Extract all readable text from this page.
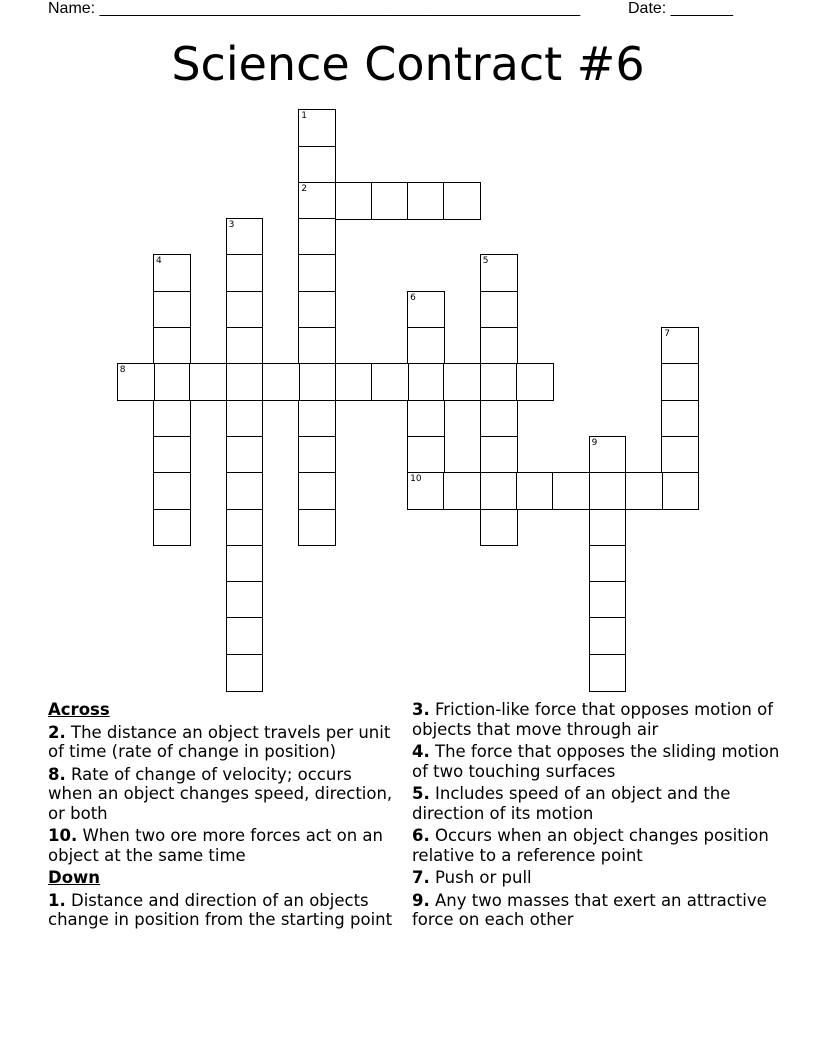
Name: ______________________________________________________	Date: _______
Science Contract #6
1
2
3
4	5
6
10
7
8
9
Across
2. The distance an object travels per unit of time (rate of change in position)
8. Rate of change of velocity; occurs when an object changes speed, direction, or both
10. When two ore more forces act on an object at the same time
Down
1. Distance and direction of an objects change in position from the starting point
3. Friction-like force that opposes motion of objects that move through air
4. The force that opposes the sliding motion of two touching surfaces
5. Includes speed of an object and the direction of its motion
6. Occurs when an object changes position relative to a reference point
7. Push or pull
9. Any two masses that exert an attractive force on each other
